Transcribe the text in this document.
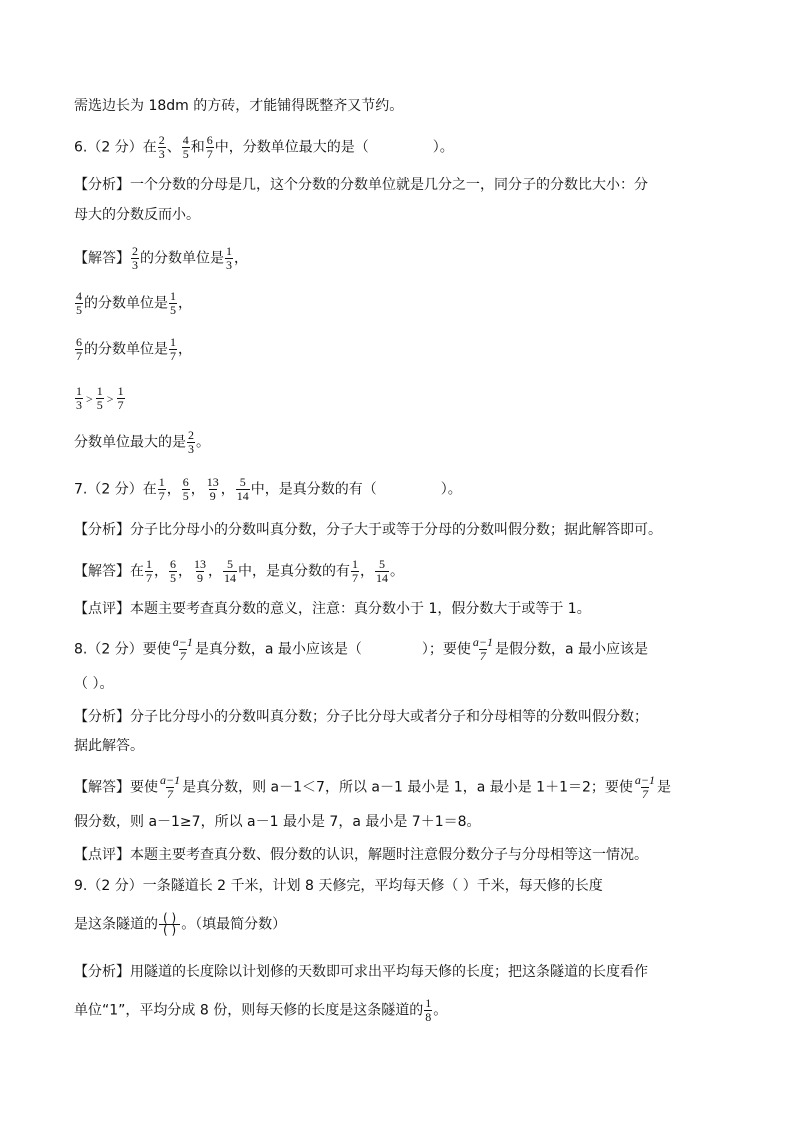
需选边长为 18dm 的方砖，才能铺得既整齐又节约。
6.（2 分）在 $\frac{2}{3}$ 、 $\frac{4}{5}$ 和 $\frac{6}{7}$ 中，分数单位最大的是（	）。
【分析】一个分数的分母是几，这个分数的分数单位就是几分之一，同分子的分数比大小：分
母大的分数反而小。
【解答】 $\frac{2}{3}$ 的分数单位是 $\frac{1}{3}$ ，
$\frac{4}{5}$ 的分数单位是 $\frac{1}{5}$ ，
$\frac{6}{7}$ 的分数单位是 $\frac{1}{7}$ ，
$\frac{1}{3} > \frac{1}{5} > \frac{1}{7}$
分数单位最大的是 $\frac{2}{3}$ 。
7.（2 分）在 $\frac{1}{7}$ ， $\frac{6}{5}$ ， $\frac{13}{9}$ ， $\frac{5}{14}$ 中，是真分数的有（	）。
【分析】分子比分母小的分数叫真分数，分子大于或等于分母的分数叫假分数；据此解答即可。
【解答】在 $\frac{1}{7}$ ， $\frac{6}{5}$ ， $\frac{13}{9}$ ， $\frac{5}{14}$ 中，是真分数的有 $\frac{1}{7}$ ， $\frac{5}{14}$ 。
【点评】本题主要考查真分数的意义，注意：真分数小于 1，假分数大于或等于 1。
8.（2 分）要使 $\frac{a-1}{7}$ 是真分数，a 最小应该是（	）；要使 $\frac{a-1}{7}$ 是假分数，a 最小应该是
（ ）。
【分析】分子比分母小的分数叫真分数；分子比分母大或者分子和分母相等的分数叫假分数；
据此解答。
【解答】要使 $\frac{a-1}{7}$ 是真分数，则 a－1＜7，所以 a－1 最小是 1，a 最小是 1＋1＝2；要使 $\frac{a-1}{7}$ 是
假分数，则 a－1≥7，所以 a－1 最小是 7，a 最小是 7＋1＝8。
【点评】本题主要考查真分数、假分数的认识，解题时注意假分数分子与分母相等这一情况。
9.（2 分）一条隧道长 2 千米，计划 8 天修完，平均每天修（ ）千米，每天修的长度
是这条隧道的 $\frac{( )}{( )}$ 。（填最简分数）
【分析】用隧道的长度除以计划修的天数即可求出平均每天修的长度；把这条隧道的长度看作
单位“1”，平均分成 8 份，则每天修的长度是这条隧道的 $\frac{1}{8}$ 。
